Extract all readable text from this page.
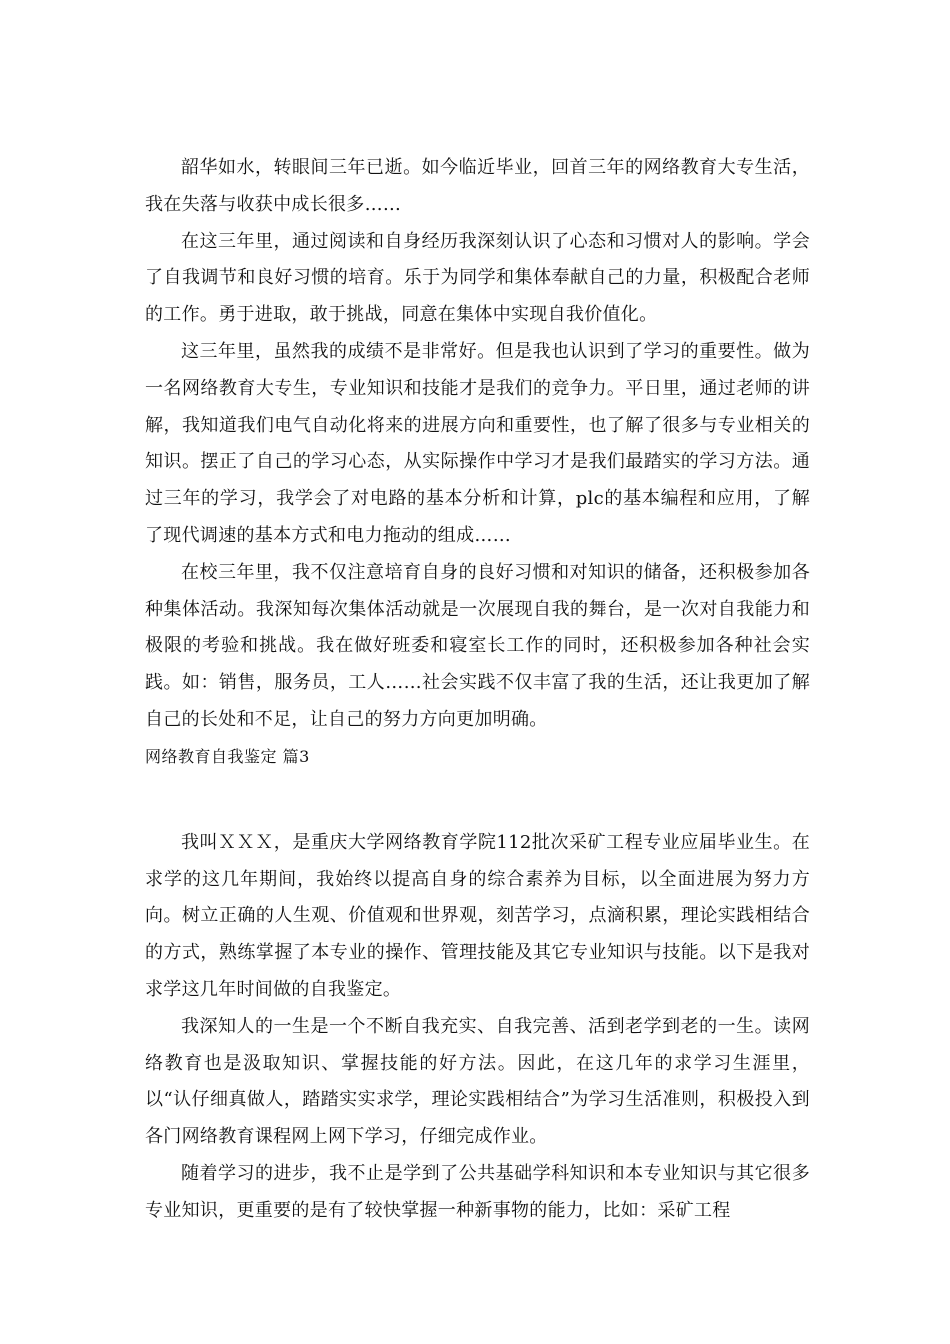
韶华如水，转眼间三年已逝。如今临近毕业，回首三年的网络教育大专生活，我在失落与收获中成长很多……

在这三年里，通过阅读和自身经历我深刻认识了心态和习惯对人的影响。学会了自我调节和良好习惯的培育。乐于为同学和集体奉献自己的力量，积极配合老师的工作。勇于进取，敢于挑战，同意在集体中实现自我价值化。

这三年里，虽然我的成绩不是非常好。但是我也认识到了学习的重要性。做为一名网络教育大专生，专业知识和技能才是我们的竞争力。平日里，通过老师的讲解，我知道我们电气自动化将来的进展方向和重要性，也了解了很多与专业相关的知识。摆正了自己的学习心态，从实际操作中学习才是我们最踏实的学习方法。通过三年的学习，我学会了对电路的基本分析和计算，plc的基本编程和应用，了解了现代调速的基本方式和电力拖动的组成……

在校三年里，我不仅注意培育自身的良好习惯和对知识的储备，还积极参加各种集体活动。我深知每次集体活动就是一次展现自我的舞台，是一次对自我能力和极限的考验和挑战。我在做好班委和寝室长工作的同时，还积极参加各种社会实践。如：销售，服务员，工人……社会实践不仅丰富了我的生活，还让我更加了解自己的长处和不足，让自己的努力方向更加明确。

网络教育自我鉴定 篇3

我叫ＸＸＸ，是重庆大学网络教育学院112批次采矿工程专业应届毕业生。在求学的这几年期间，我始终以提高自身的综合素养为目标，以全面进展为努力方向。树立正确的人生观、价值观和世界观，刻苦学习，点滴积累，理论实践相结合的方式，熟练掌握了本专业的操作、管理技能及其它专业知识与技能。以下是我对求学这几年时间做的自我鉴定。

我深知人的一生是一个不断自我充实、自我完善、活到老学到老的一生。读网络教育也是汲取知识、掌握技能的好方法。因此，在这几年的求学习生涯里，以“认仔细真做人，踏踏实实求学，理论实践相结合”为学习生活准则，积极投入到各门网络教育课程网上网下学习，仔细完成作业。

随着学习的进步，我不止是学到了公共基础学科知识和本专业知识与其它很多专业知识，更重要的是有了较快掌握一种新事物的能力，比如：采矿工程
